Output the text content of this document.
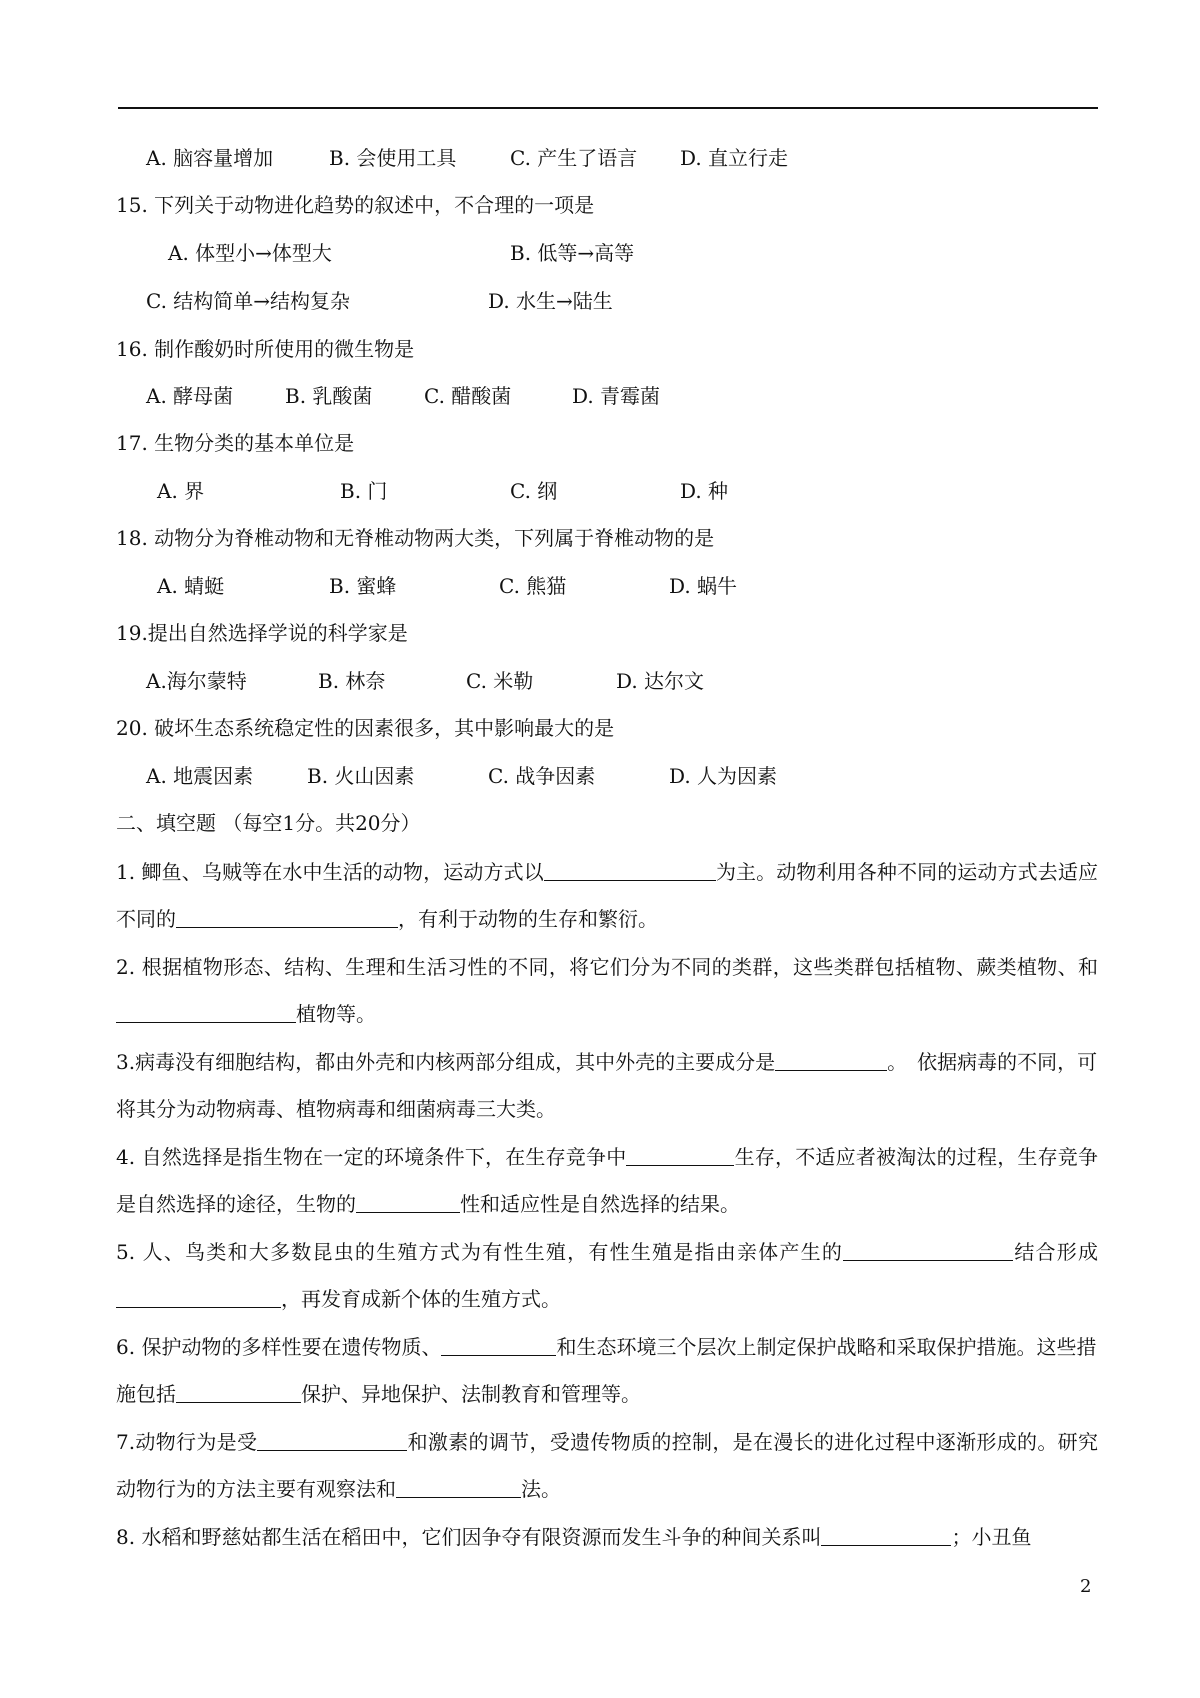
A. 脑容量增加	B. 会使用工具	C. 产生了语言 D. 直立行走
15. 下列关于动物进化趋势的叙述中，不合理的一项是
A. 体型小→体型大	B. 低等→高等
C. 结构简单→结构复杂	D. 水生→陆生
16. 制作酸奶时所使用的微生物是
A. 酵母菌	B. 乳酸菌	C. 醋酸菌	D. 青霉菌
17. 生物分类的基本单位是
A. 界	B. 门	C. 纲	D. 种
18. 动物分为脊椎动物和无脊椎动物两大类，下列属于脊椎动物的是
A. 蜻蜓	B. 蜜蜂	C. 熊猫	D. 蜗牛
19.提出自然选择学说的科学家是
A.海尔蒙特	B. 林奈	C. 米勒	D. 达尔文
20. 破坏生态系统稳定性的因素很多，其中影响最大的是
A. 地震因素	B. 火山因素	C. 战争因素	D. 人为因素
二、填空题 （每空1分。共20分）
1. 鲫鱼、乌贼等在水中生活的动物，运动方式以	为主。动物利用各种不同的运动方式去适应不同的	，有利于动物的生存和繁衍。
2. 根据植物形态、结构、生理和生活习性的不同，将它们分为不同的类群，这些类群包括植物、蕨类植物、和植物等。
3.病毒没有细胞结构，都由外壳和内核两部分组成，其中外壳的主要成分是	。　依据病毒的不同，可将其分为动物病毒、植物病毒和细菌病毒三大类。
4. 自然选择是指生物在一定的环境条件下，在生存竞争中	生存，不适应者被淘汰的过程，生存竞争是自然选择的途径，生物的	性和适应性是自然选择的结果。
5. 人、鸟类和大多数昆虫的生殖方式为有性生殖，有性生殖是指由亲体产生的	结合形成，再发育成新个体的生殖方式。
6. 保护动物的多样性要在遗传物质、	和生态环境三个层次上制定保护战略和采取保护措施。这些措施包括	保护、异地保护、法制教育和管理等。
7.动物行为是受	和激素的调节，受遗传物质的控制，是在漫长的进化过程中逐渐形成的。研究动物行为的方法主要有观察法和	法。
8. 水稻和野慈姑都生活在稻田中，它们因争夺有限资源而发生斗争的种间关系叫	；小丑鱼
2
